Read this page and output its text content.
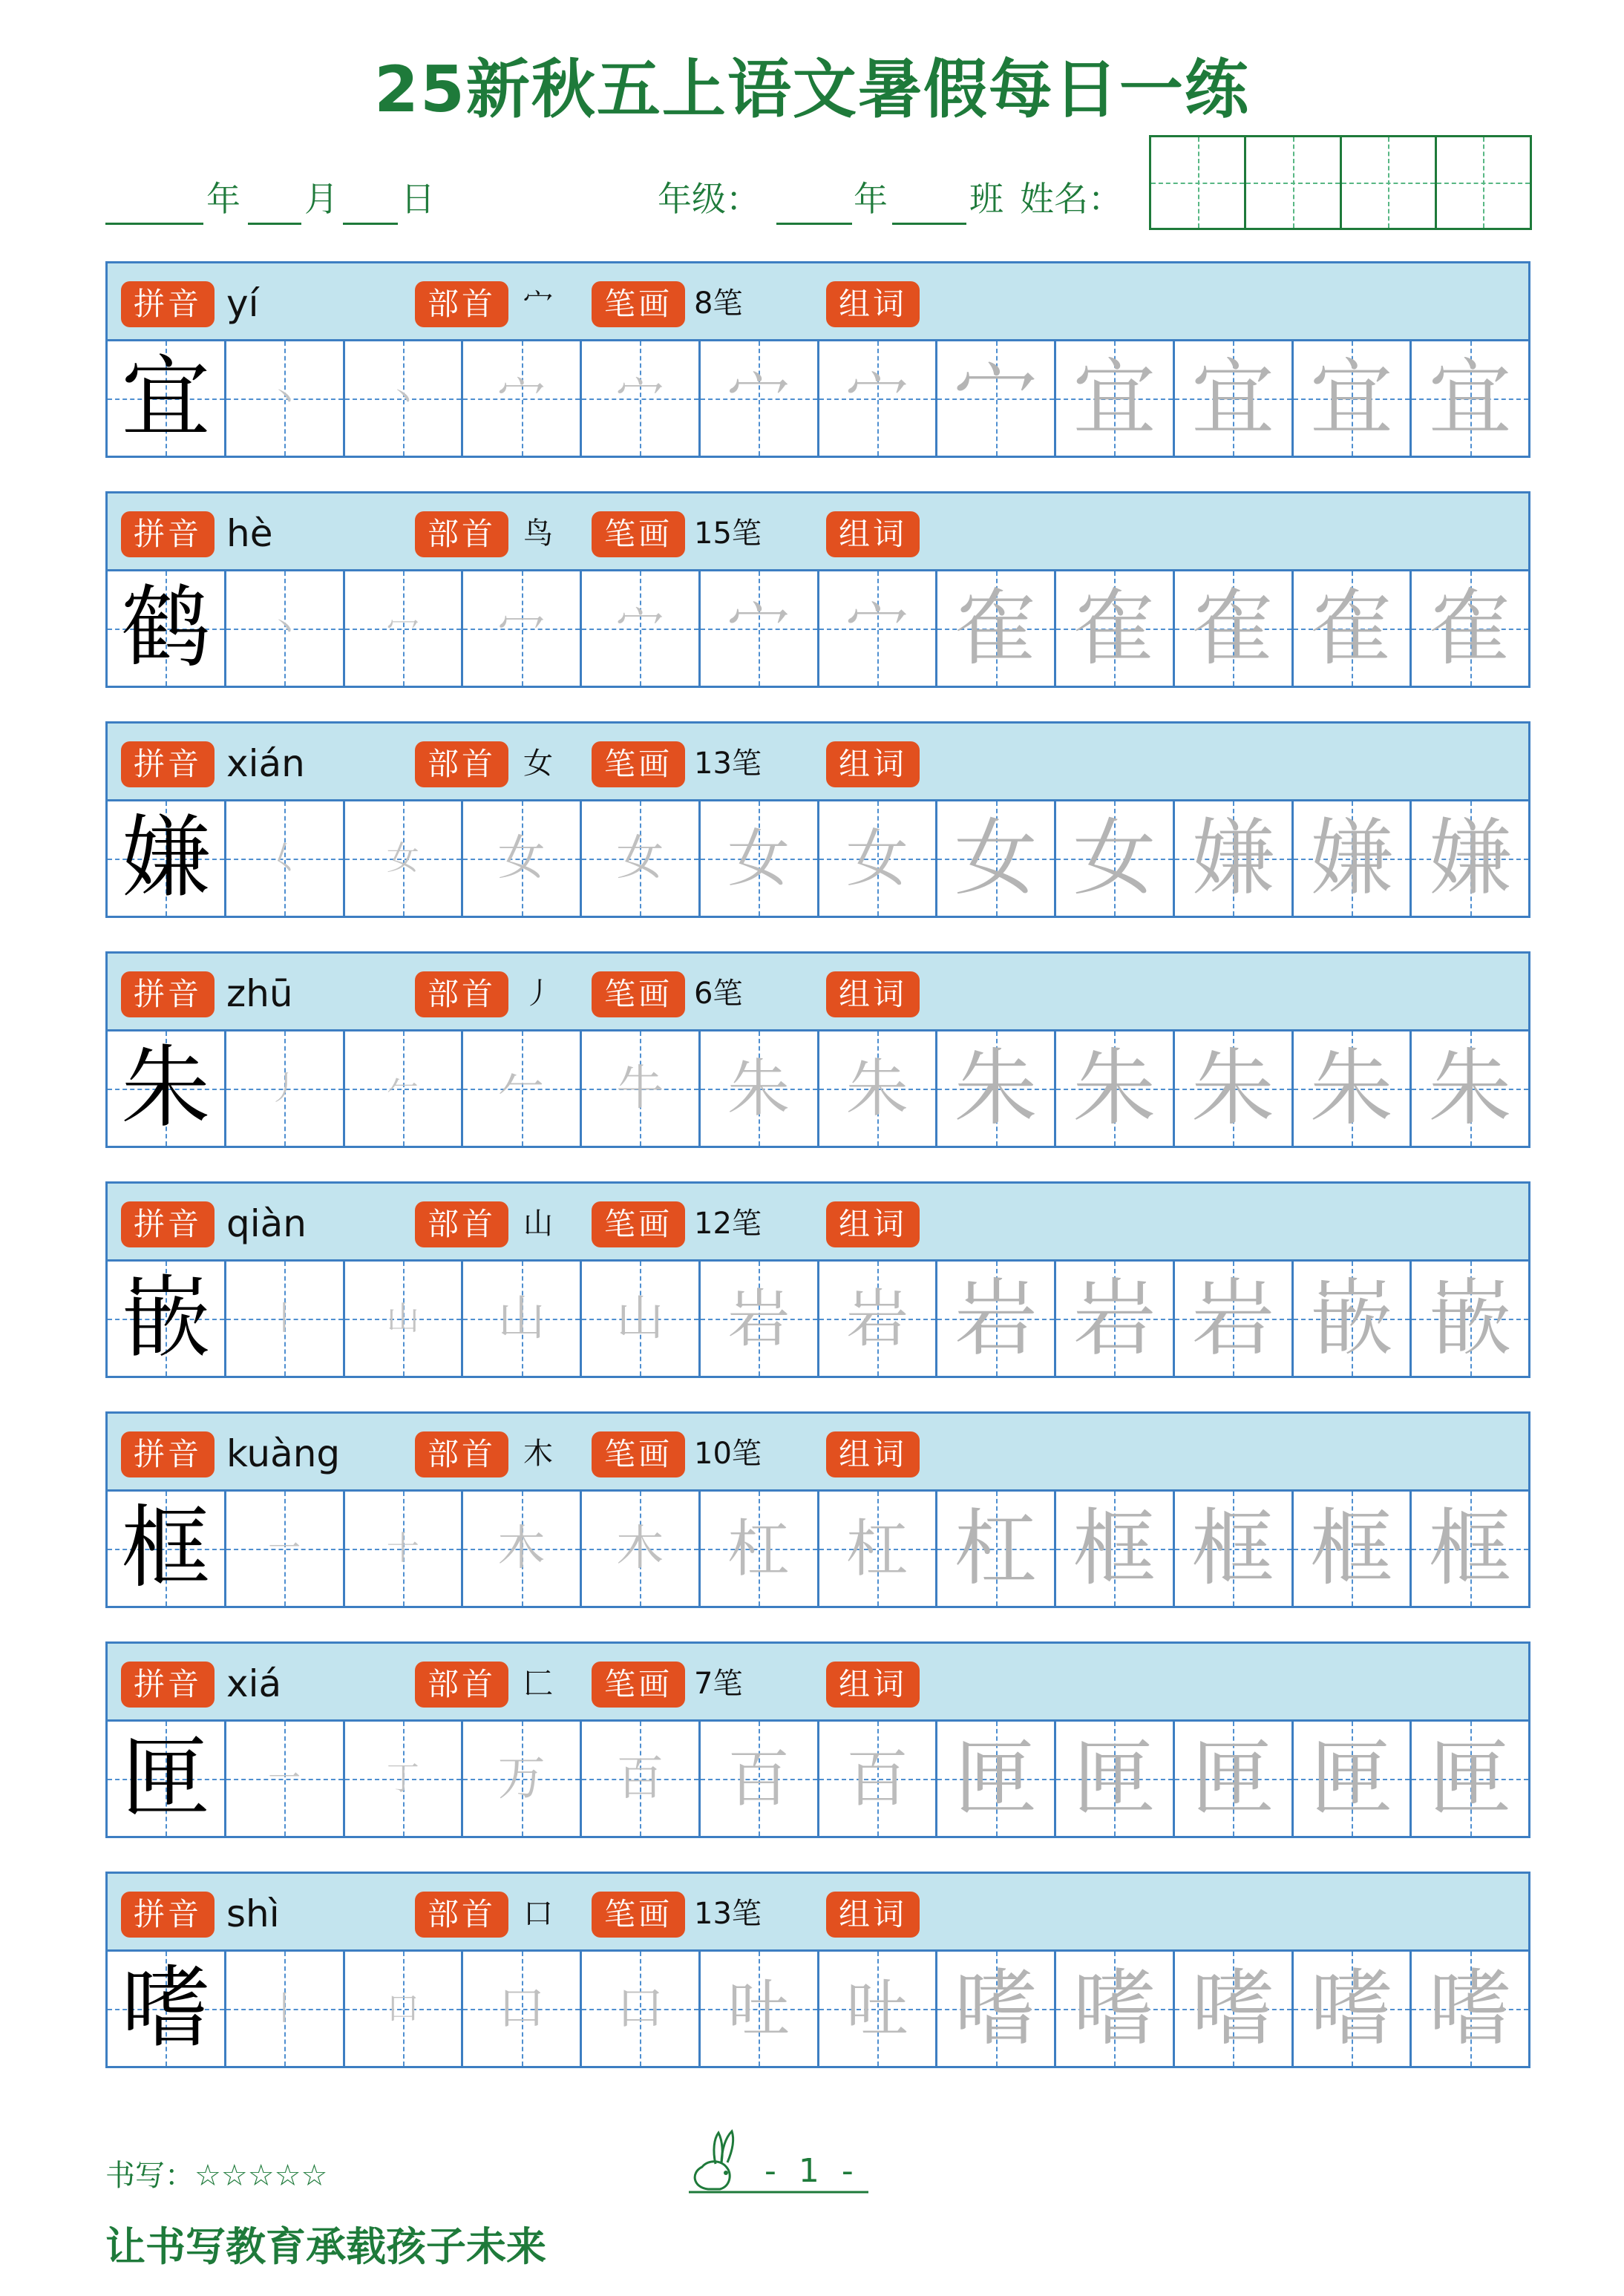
25新秋五上语文暑假每日一练
年 月 日	年级：	年 班 姓名：
拼音 yí	部首 宀	笔画 8笔	组词
宜 丶	丶 宀 宀 宀 宀 宀 宜 宜 宜 宜
拼音 hè	部首 鸟	笔画 15笔	组词
鹤 丶	冖 冖 宀 宀 宀 隺 隺 隺 隺 隺
拼音 xián	部首 女	笔画 13笔	组词
嫌 𡿨	女 女 女 女 女 女 女 嫌 嫌 嫌
拼音 zhū	部首 丿	笔画 6笔	组词
朱 丿	𠂉 𠂉 牛 朱 朱 朱 朱 朱 朱 朱
拼音 qiàn	部首 山	笔画 12笔	组词
嵌 丨	山 山 山 岩 岩 岩 岩 岩 嵌 嵌
拼音 kuàng	部首 木	笔画 10笔	组词
框 一	十 木 木 杠 杠 杠 框 框 框 框
拼音 xiá	部首 匚	笔画 7笔	组词
匣 一	丁 万 百 百 百 匣 匣 匣 匣 匣
拼音 shì	部首 口	笔画 13笔	组词
嗜 丨	口 口 口 吐 吐 嗜 嗜 嗜 嗜 嗜
书写：☆☆☆☆☆	- 1 -
让书写教育承载孩子未来
